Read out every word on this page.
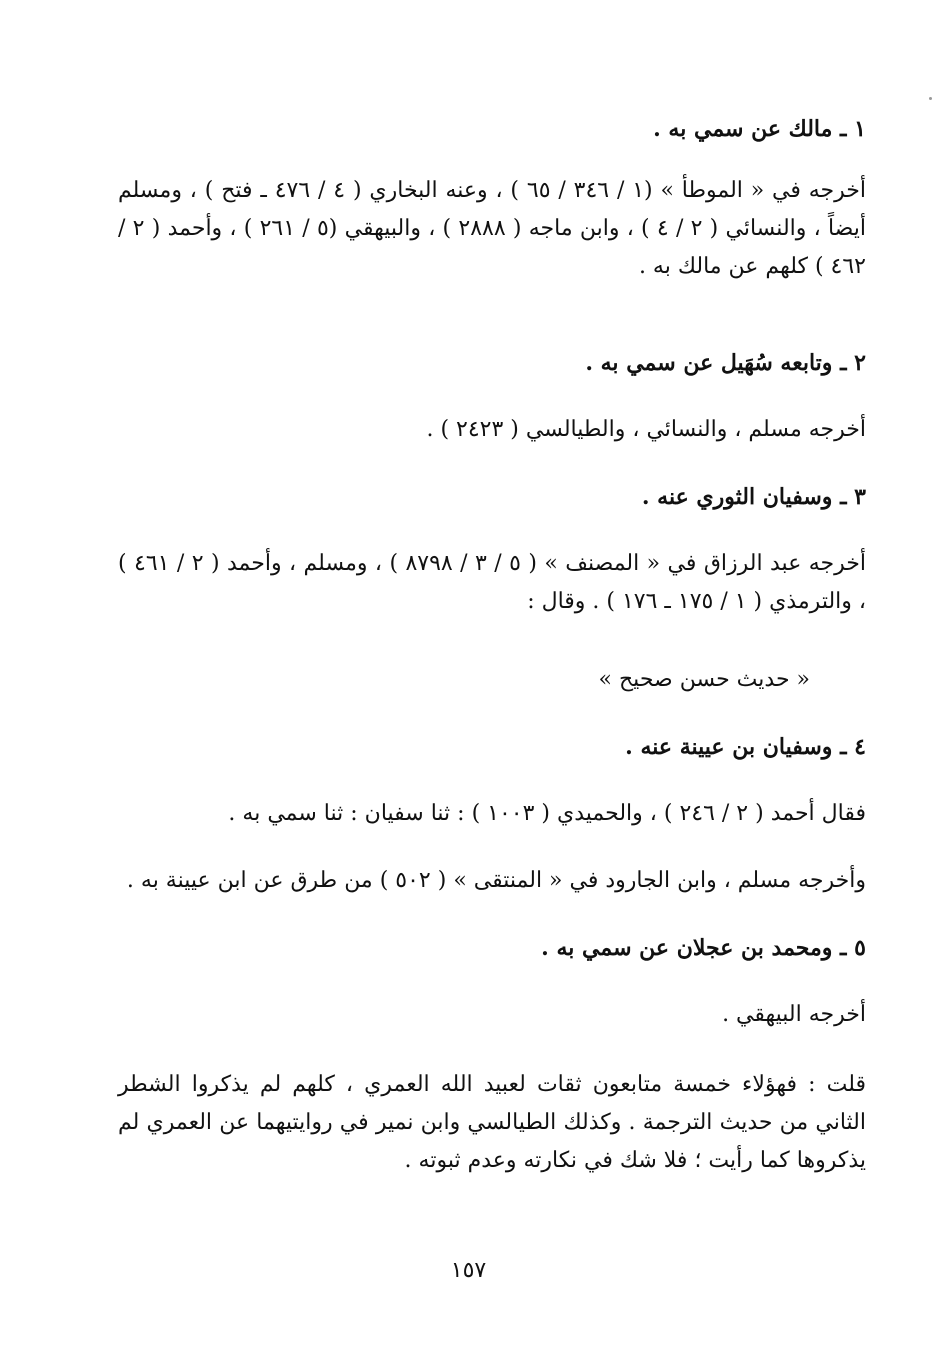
١ ـ مالك عن سمي به .

أخرجه في « الموطأ » (١ / ٣٤٦ / ٦٥ ) ، وعنه البخاري ( ٤ / ٤٧٦ ـ فتح ) ، ومسلم أيضاً ، والنسائي ( ٢ / ٤ ) ، وابن ماجه ( ٢٨٨٨ ) ، والبيهقي (٥ / ٢٦١ ) ، وأحمد ( ٢ / ٤٦٢ ) كلهم عن مالك به .

٢ ـ وتابعه سُهَيل عن سمي به .

أخرجه مسلم ، والنسائي ، والطيالسي ( ٢٤٢٣ ) .

٣ ـ وسفيان الثوري عنه .

أخرجه عبد الرزاق في « المصنف » ( ٥ / ٣ / ٨٧٩٨ ) ، ومسلم ، وأحمد ( ٢ / ٤٦١ ) ، والترمذي ( ١ / ١٧٥ ـ ١٧٦ ) . وقال :

« حديث حسن صحيح »

٤ ـ وسفيان بن عيينة عنه .

فقال أحمد ( ٢ / ٢٤٦ ) ، والحميدي ( ١٠٠٣ ) : ثنا سفيان : ثنا سمي به .

وأخرجه مسلم ، وابن الجارود في « المنتقى » ( ٥٠٢ ) من طرق عن ابن عيينة به .

٥ ـ ومحمد بن عجلان عن سمي به .

أخرجه البيهقي .

قلت : فهؤلاء خمسة متابعون ثقات لعبيد الله العمري ، كلهم لم يذكروا الشطر الثاني من حديث الترجمة . وكذلك الطيالسي وابن نمير في روايتيهما عن العمري لم يذكروها كما رأيت ؛ فلا شك في نكارته وعدم ثبوته .

١٥٧
